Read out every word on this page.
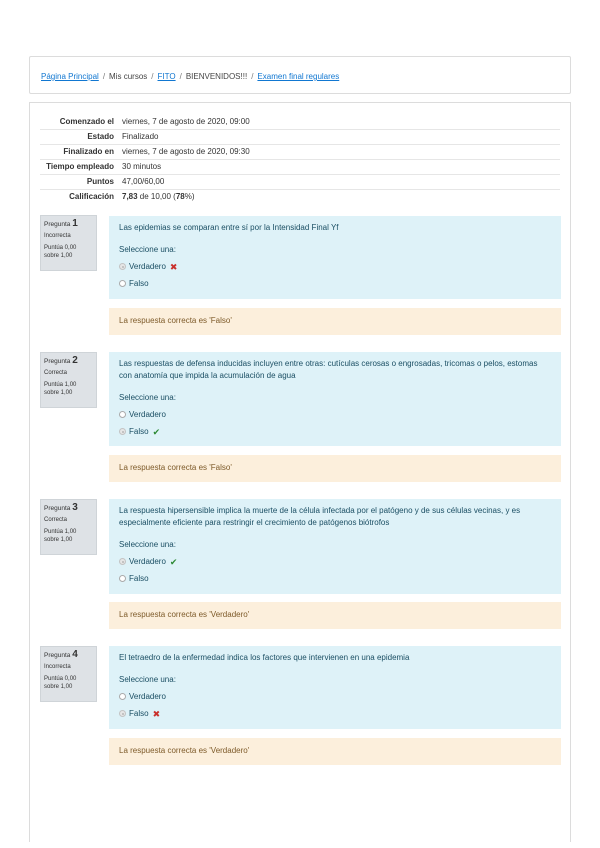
Página Principal / Mis cursos / FITO / BIENVENIDOS!!! / Examen final regulares
Comenzado el	viernes, 7 de agosto de 2020, 09:00
Estado	Finalizado
Finalizado en	viernes, 7 de agosto de 2020, 09:30
Tiempo empleado	30 minutos
Puntos	47,00/60,00
Calificación	7,83 de 10,00 (78%)
Pregunta 1
Incorrecta
Puntúa 0,00
sobre 1,00
Las epidemias se comparan entre sí por la Intensidad Final Yf
Seleccione una:
Verdadero ✖
Falso
La respuesta correcta es 'Falso'
Pregunta 2
Correcta
Puntúa 1,00
sobre 1,00
Las respuestas de defensa inducidas incluyen entre otras: cutículas cerosas o engrosadas, tricomas o pelos, estomas con anatomía que impida la acumulación de agua
Seleccione una:
Verdadero
Falso ✔
La respuesta correcta es 'Falso'
Pregunta 3
Correcta
Puntúa 1,00
sobre 1,00
La respuesta hipersensible implica la muerte de la célula infectada por el patógeno y de sus células vecinas, y es especialmente eficiente para restringir el crecimiento de patógenos biótrofos
Seleccione una:
Verdadero ✔
Falso
La respuesta correcta es 'Verdadero'
Pregunta 4
Incorrecta
Puntúa 0,00
sobre 1,00
El tetraedro de la enfermedad indica los factores que intervienen en una epidemia
Seleccione una:
Verdadero
Falso ✖
La respuesta correcta es 'Verdadero'
